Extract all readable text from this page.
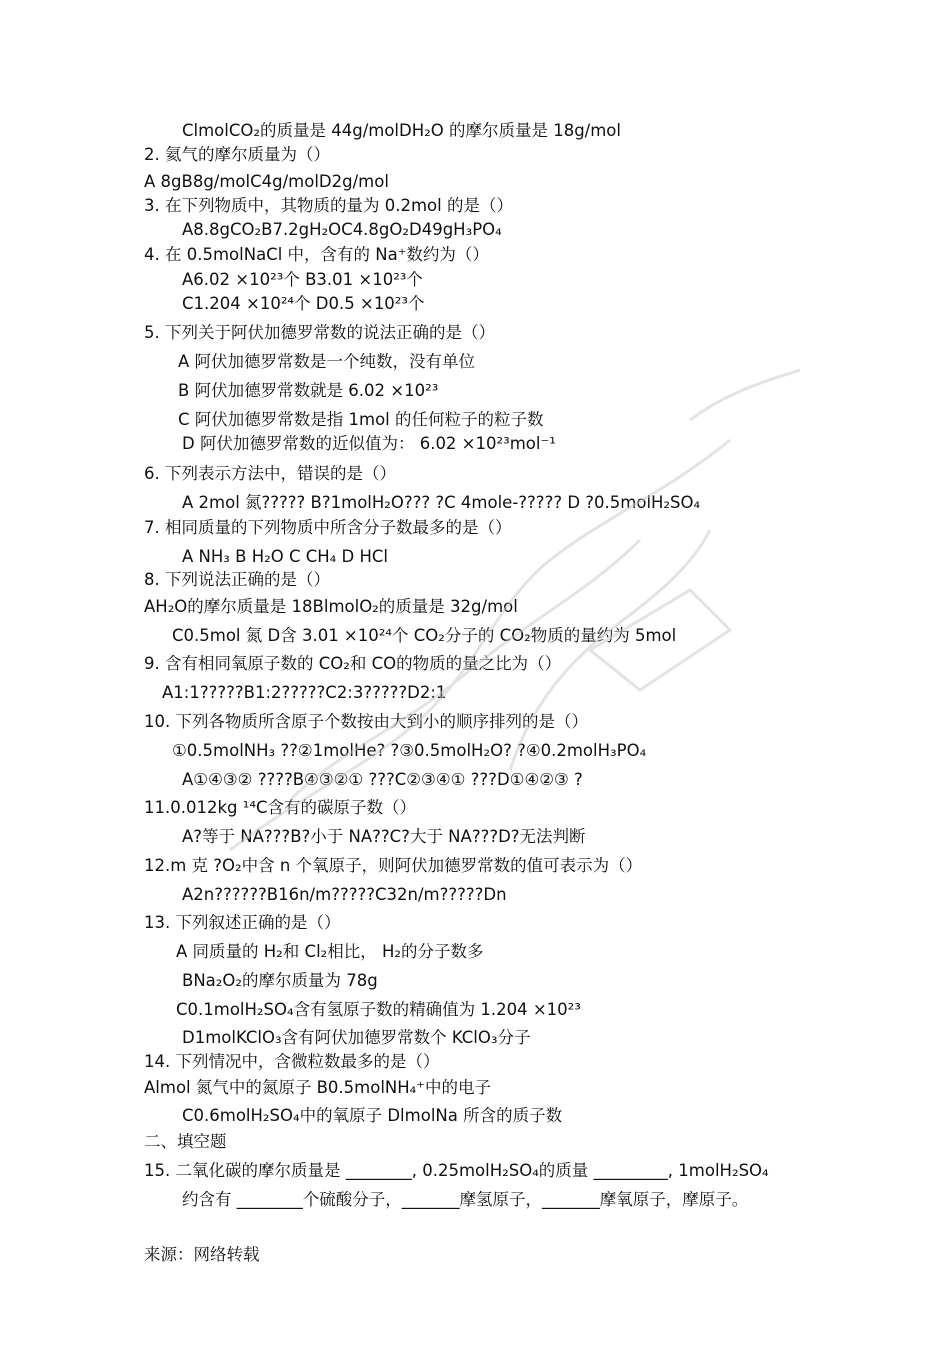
ClmolCO₂的质量是 44g/molDH₂O 的摩尔质量是 18g/mol
2. 氦气的摩尔质量为（）
A 8gB8g/molC4g/molD2g/mol
3. 在下列物质中，其物质的量为 0.2mol 的是（）
A8.8gCO₂B7.2gH₂OC4.8gO₂D49gH₃PO₄
4. 在 0.5molNaCl 中，含有的 Na⁺数约为（）
A6.02 ×10²³个 B3.01 ×10²³个
C1.204 ×10²⁴个 D0.5 ×10²³个
5. 下列关于阿伏加德罗常数的说法正确的是（）
A 阿伏加德罗常数是一个纯数，没有单位
B 阿伏加德罗常数就是 6.02 ×10²³
C 阿伏加德罗常数是指 1mol 的任何粒子的粒子数
D 阿伏加德罗常数的近似值为： 6.02 ×10²³mol⁻¹
6. 下列表示方法中，错误的是（）
A 2mol 氮????? B?1molH₂O??? ?C 4mole-????? D ?0.5molH₂SO₄
7. 相同质量的下列物质中所含分子数最多的是（）
A NH₃ B H₂O C CH₄ D HCl
8. 下列说法正确的是（）
AH₂O的摩尔质量是 18BlmolO₂的质量是 32g/mol
C0.5mol 氮 D含 3.01 ×10²⁴个 CO₂分子的 CO₂物质的量约为 5mol
9. 含有相同氧原子数的 CO₂和 CO的物质的量之比为（）
A1:1?????B1:2?????C2:3?????D2:1
10. 下列各物质所含原子个数按由大到小的顺序排列的是（）
①0.5molNH₃ ??②1molHe? ?③0.5molH₂O? ?④0.2molH₃PO₄
A①④③② ????B④③②① ???C②③④① ???D①④②③ ?
11.0.012kg ¹⁴C含有的碳原子数（）
A?等于 NA???B?小于 NA??C?大于 NA???D?无法判断
12.m 克 ?O₂中含 n 个氧原子，则阿伏加德罗常数的值可表示为（）
A2n??????B16n/m?????C32n/m?????Dn
13. 下列叙述正确的是（）
A 同质量的 H₂和 Cl₂相比， H₂的分子数多
BNa₂O₂的摩尔质量为 78g
C0.1molH₂SO₄含有氢原子数的精确值为 1.204 ×10²³
D1molKClO₃含有阿伏加德罗常数个 KClO₃分子
14. 下列情况中，含微粒数最多的是（）
Almol 氮气中的氮原子 B0.5molNH₄⁺中的电子
C0.6molH₂SO₄中的氧原子 DlmolNa 所含的质子数
二、填空题
15. 二氧化碳的摩尔质量是 ________, 0.25molH₂SO₄的质量 _________, 1molH₂SO₄
约含有 ________个硫酸分子，_______摩氢原子，_______摩氧原子，摩原子。
来源：网络转载
